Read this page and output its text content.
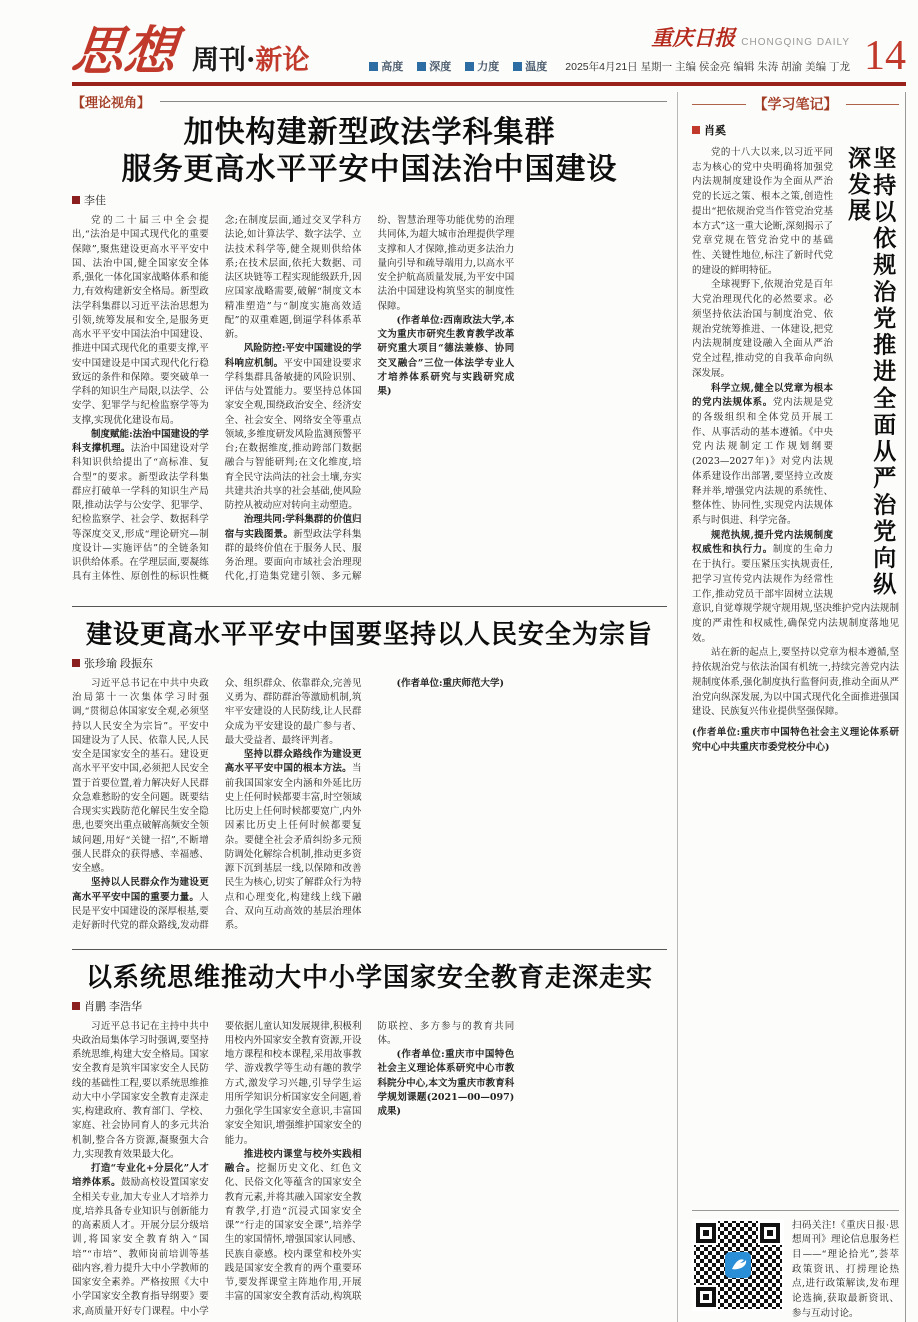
思想 周刊·新论
重庆日报 CHONGQING DAILY
高度 深度 力度 温度 2025年4月21日 星期一 主编 侯金亮 编辑 朱涛 胡渝 美编 丁龙 14
【理论视角】
加快构建新型政法学科集群
服务更高水平平安中国法治中国建设
李佳

党的二十届三中全会提出,“法治是中国式现代化的重要保障”,聚焦建设更高水平平安中国、法治中国,健全国家安全体系,强化一体化国家战略体系和能力,有效构建新安全格局。新型政法学科集群以习近平法治思想为引领,统筹发展和安全,是服务更高水平平安中国法治中国建设、推进中国式现代化的重要支撑,平安中国建设是中国式现代化行稳致远的条件和保障。要突破单一学科的知识生产局限,以法学、公安学、犯罪学与纪检监察学等为支撑,实现优化建设布局。

制度赋能:法治中国建设的学科支撑机理。法治中国建设对学科知识供给提出了“高标准、复合型”的要求。新型政法学科集群应打破单一学科的知识生产局限,推动法学与公安学、犯罪学、纪检监察学、社会学、数据科学等深度交叉,形成“理论研究—制度设计—实施评估”的全链条知识供给体系。在学理层面,要凝练具有主体性、原创性的标识性概念;在制度层面,通过交叉学科方法论,如计算法学、数字法学、立法技术科学等,健全规则供给体系;在技术层面,依托大数据、司法区块链等工程实现能级跃升,因应国家战略需要,破解“制度文本精准塑造”与“制度实施高效适配”的双重难题,倒逼学科体系革新。

风险防控:平安中国建设的学科响应机制。平安中国建设要求学科集群具备敏捷的风险识别、评估与处置能力。要坚持总体国家安全观,围绕政治安全、经济安全、社会安全、网络安全等重点领域,多维度研发风险监测预警平台;在数据维度,推动跨部门数据融合与智能研判;在文化维度,培育全民守法尚法的社会土壤,夯实共建共治共享的社会基础,使风险防控从被动应对转向主动塑造。

治理共同:学科集群的价值归宿与实践图景。新型政法学科集群的最终价值在于服务人民、服务治理。要面向市域社会治理现代化,打造集党建引领、多元解纷、智慧治理等功能优势的治理共同体,为超大城市治理提供学理支撑和人才保障,推动更多法治力量向引导和疏导端用力,以高水平安全护航高质量发展,为平安中国法治中国建设构筑坚实的制度性保障。

(作者单位:西南政法大学,本文为重庆市研究生教育教学改革研究重大项目“德法兼修、协同交叉融合”三位一体法学专业人才培养体系研究与实践研究成果)

建设更高水平平安中国要坚持以人民安全为宗旨
张珍瑜 段振东

习近平总书记在中共中央政治局第十一次集体学习时强调,“贯彻总体国家安全观,必须坚持以人民安全为宗旨”。平安中国建设为了人民、依靠人民,人民安全是国家安全的基石。建设更高水平平安中国,必须把人民安全置于首要位置,着力解决好人民群众急难愁盼的安全问题。既要结合现实实践防范化解民生安全隐患,也要突出重点破解高频安全领域问题,用好“关键一招”,不断增强人民群众的获得感、幸福感、安全感。

坚持以人民群众作为建设更高水平平安中国的重要力量。人民是平安中国建设的深厚根基,要走好新时代党的群众路线,发动群众、组织群众、依靠群众,完善见义勇为、群防群治等激励机制,筑牢平安建设的人民防线,让人民群众成为平安建设的最广参与者、最大受益者、最终评判者。

坚持以群众路线作为建设更高水平平安中国的根本方法。当前我国国家安全内涵和外延比历史上任何时候都要丰富,时空领域比历史上任何时候都要宽广,内外因素比历史上任何时候都要复杂。要健全社会矛盾纠纷多元预防调处化解综合机制,推动更多资源下沉到基层一线,以保障和改善民生为核心,切实了解群众行为特点和心理变化,构建线上线下融合、双向互动高效的基层治理体系。

(作者单位:重庆师范大学)

以系统思维推动大中小学国家安全教育走深走实
肖鹏 李浩华

习近平总书记在主持中共中央政治局集体学习时强调,要坚持系统思维,构建大安全格局。国家安全教育是筑牢国家安全人民防线的基础性工程,要以系统思维推动大中小学国家安全教育走深走实,构建政府、教育部门、学校、家庭、社会协同育人的多元共治机制,整合各方资源,凝聚强大合力,实现教育效果最大化。

打造“专业化+分层化”人才培养体系。鼓励高校设置国家安全相关专业,加大专业人才培养力度,培养具备专业知识与创新能力的高素质人才。开展分层分级培训,将国家安全教育纳入“国培”“市培”、教师岗前培训等基础内容,着力提升大中小学教师的国家安全素养。严格按照《大中小学国家安全教育指导纲要》要求,高质量开好专门课程。中小学要依据儿童认知发展规律,积极利用校内外国家安全教育资源,开设地方课程和校本课程,采用故事教学、游戏教学等生动有趣的教学方式,激发学习兴趣,引导学生运用所学知识分析国家安全问题,着力强化学生国家安全意识,丰富国家安全知识,增强维护国家安全的能力。

推进校内课堂与校外实践相融合。挖掘历史文化、红色文化、民俗文化等蕴含的国家安全教育元素,并将其融入国家安全教育教学,打造“沉浸式国家安全课”“行走的国家安全课”,培养学生的家国情怀,增强国家认同感、民族自豪感。校内课堂和校外实践是国家安全教育的两个重要环节,要发挥课堂主阵地作用,开展丰富的国家安全教育活动,构筑联防联控、多方参与的教育共同体。

(作者单位:重庆市中国特色社会主义理论体系研究中心市教科院分中心,本文为重庆市教育科学规划课题(2021—00—097)成果)

【学习笔记】
肖奚
坚持以依规治党推进全面从严治党向纵深发展

党的十八大以来,以习近平同志为核心的党中央明确将加强党内法规制度建设作为全面从严治党的长远之策、根本之策,创造性提出“把依规治党当作管党治党基本方式”这一重大论断,深刻揭示了党章党规在管党治党中的基础性、关键性地位,标注了新时代党的建设的鲜明特征。

全球视野下,依规治党是百年大党治理现代化的必然要求。必须坚持依法治国与制度治党、依规治党统筹推进、一体建设,把党内法规制度建设融入全面从严治党全过程,推动党的自我革命向纵深发展。

科学立规,健全以党章为根本的党内法规体系。党内法规是党的各级组织和全体党员开展工作、从事活动的基本遵循。《中央党内法规制定工作规划纲要(2023—2027年)》对党内法规体系建设作出部署,要坚持立改废释并举,增强党内法规的系统性、整体性、协同性,实现党内法规体系与时俱进、科学完备。

规范执规,提升党内法规制度权威性和执行力。制度的生命力在于执行。要压紧压实执规责任,把学习宣传党内法规作为经常性工作,推动党员干部牢固树立法规意识,自觉尊规学规守规用规,坚决维护党内法规制度的严肃性和权威性,确保党内法规制度落地见效。

站在新的起点上,要坚持以党章为根本遵循,坚持依规治党与依法治国有机统一,持续完善党内法规制度体系,强化制度执行监督问责,推动全面从严治党向纵深发展,为以中国式现代化全面推进强国建设、民族复兴伟业提供坚强保障。

(作者单位:重庆市中国特色社会主义理论体系研究中心中共重庆市委党校分中心)
扫码关注!《重庆日报·思想周刊》理论信息服务栏目——“理论拾光”,荟萃政策资讯、打捞理论热点,进行政策解读,发布理论选摘,获取最新资讯、参与互动讨论。
